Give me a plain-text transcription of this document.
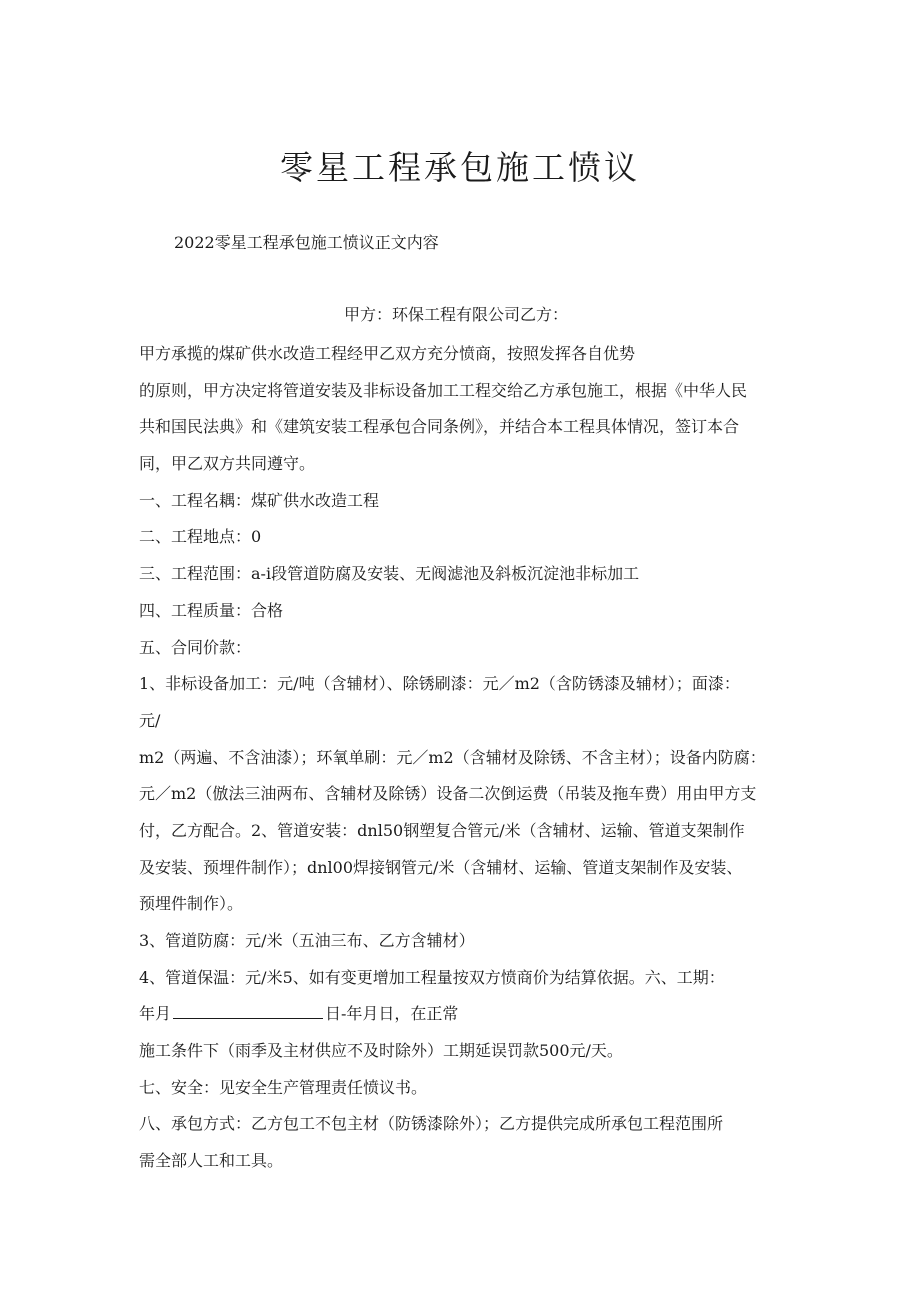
零星工程承包施工愤议
2022零星工程承包施工愤议正文内容
甲方：环保工程有限公司乙方：
甲方承揽的煤矿供水改造工程经甲乙双方充分愤商，按照发挥各自优势
的原则，甲方决定将管道安装及非标设备加工工程交给乙方承包施工，根据《中华人民
共和国民法典》和《建筑安装工程承包合同条例》，并结合本工程具体情况，签订本合
同，甲乙双方共同遵守。
一、工程名耦：煤矿供水改造工程
二、工程地点：0
三、工程范围：a-i段管道防腐及安装、无阀滤池及斜板沉淀池非标加工
四、工程质量：合格
五、合同价款：
1、非标设备加工：元/吨（含辅材）、除锈刷漆：元／m2（含防锈漆及辅材）；面漆：
元/
m2（两遍、不含油漆）；环氧单刷：元／m2（含辅材及除锈、不含主材）；设备内防腐：
元／m2（倣法三油两布、含辅材及除锈）设备二次倒运费（吊装及拖车费）用由甲方支
付，乙方配合。2、管道安装：dnl50钢塑复合管元/米（含辅材、运输、管道支架制作
及安装、预埋件制作）；dnl00焊接钢管元/米（含辅材、运输、管道支架制作及安装、
预埋件制作）。
3、管道防腐：元/米（五油三布、乙方含辅材）
4、管道保温：元/米5、如有变更增加工程量按双方愤商价为结算依据。六、工期：
年月	日-年月日，在正常
施工条件下（雨季及主材供应不及时除外）工期延误罚款500元/天。
七、安全：见安全生产管理责任愤议书。
八、承包方式：乙方包工不包主材（防锈漆除外）；乙方提供完成所承包工程范围所
需全部人工和工具。
